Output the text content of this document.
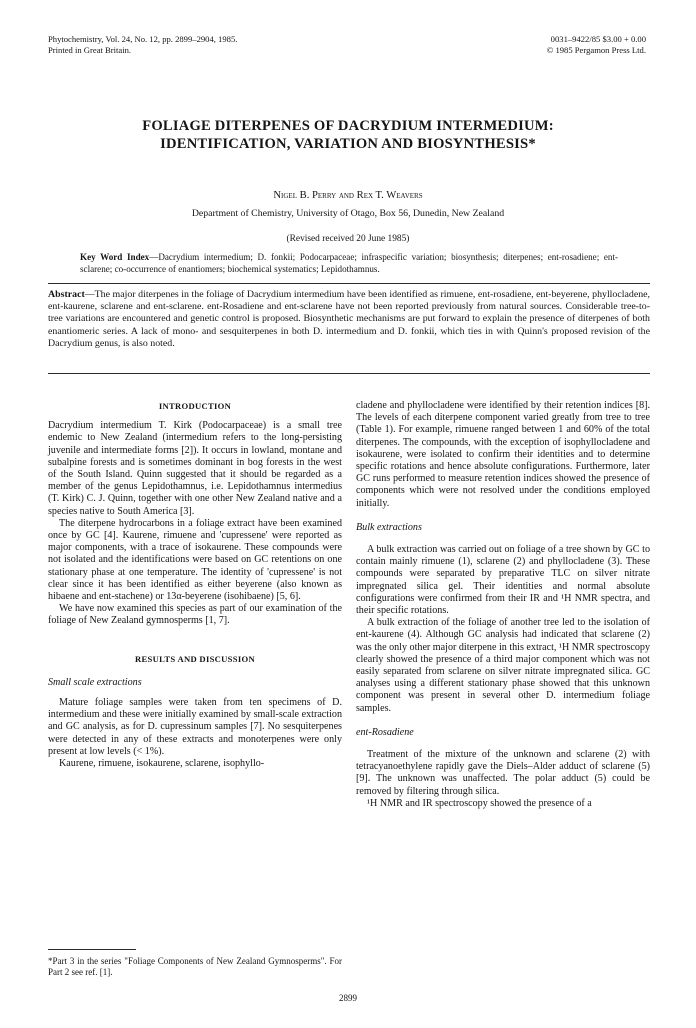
Phytochemistry, Vol. 24, No. 12, pp. 2899–2904, 1985.
Printed in Great Britain.
0031–9422/85 $3.00 + 0.00
© 1985 Pergamon Press Ltd.
FOLIAGE DITERPENES OF DACRYDIUM INTERMEDIUM:
IDENTIFICATION, VARIATION AND BIOSYNTHESIS*
Nigel B. Perry and Rex T. Weavers
Department of Chemistry, University of Otago, Box 56, Dunedin, New Zealand
(Revised received 20 June 1985)
Key Word Index—Dacrydium intermedium; D. fonkii; Podocarpaceae; infraspecific variation; biosynthesis; diterpenes; ent-rosadiene; ent-sclarene; co-occurrence of enantiomers; biochemical systematics; Lepidothamnus.
Abstract—The major diterpenes in the foliage of Dacrydium intermedium have been identified as rimuene, ent-rosadiene, ent-beyerene, phyllocladene, ent-kaurene, sclarene and ent-sclarene. ent-Rosadiene and ent-sclarene have not been reported previously from natural sources. Considerable tree-to-tree variations are encountered and genetic control is proposed. Biosynthetic mechanisms are put forward to explain the presence of diterpenes of both enantiomeric series. A lack of mono- and sesquiterpenes in both D. intermedium and D. fonkii, which ties in with Quinn's proposed revision of the Dacrydium genus, is also noted.
INTRODUCTION

Dacrydium intermedium T. Kirk (Podocarpaceae) is a small tree endemic to New Zealand (intermedium refers to the long-persisting juvenile and intermediate forms [2]). It occurs in lowland, montane and subalpine forests and is sometimes dominant in bog forests in the west of the South Island. Quinn suggested that it should be regarded as a member of the genus Lepidothamnus, i.e. Lepidothamnus intermedius (T. Kirk) C. J. Quinn, together with one other New Zealand native and a species native to South America [3].

The diterpene hydrocarbons in a foliage extract have been examined once by GC [4]. Kaurene, rimuene and 'cupressene' were reported as major components, with a trace of isokaurene. These compounds were not isolated and the identifications were based on GC retentions on one stationary phase at one temperature. The identity of 'cupressene' is not clear since it has been identified as either beyerene (also known as hibaene and ent-stachene) or 13α-beyerene (isohibaene) [5, 6].

We have now examined this species as part of our examination of the foliage of New Zealand gymnosperms [1, 7].

RESULTS AND DISCUSSION
Small scale extractions

Mature foliage samples were taken from ten specimens of D. intermedium and these were initially examined by small-scale extraction and GC analysis, as for D. cupressinum samples [7]. No sesquiterpenes were detected in any of these extracts and monoterpenes were only present at low levels (< 1%).

Kaurene, rimuene, isokaurene, sclarene, isophyllo-

cladene and phyllocladene were identified by their retention indices [8]. The levels of each diterpene component varied greatly from tree to tree (Table 1). For example, rimuene ranged between 1 and 60% of the total diterpenes. The compounds, with the exception of isophyllocladene and isokaurene, were isolated to confirm their identities and to determine specific rotations and hence absolute configurations. Furthermore, later GC runs performed to measure retention indices showed the presence of components which were not resolved under the conditions employed initially.

Bulk extractions

A bulk extraction was carried out on foliage of a tree shown by GC to contain mainly rimuene (1), sclarene (2) and phyllocladene (3). These compounds were separated by preparative TLC on silver nitrate impregnated silica gel. Their identities and normal absolute configurations were confirmed from their IR and ¹H NMR spectra, and their specific rotations.

A bulk extraction of the foliage of another tree led to the isolation of ent-kaurene (4). Although GC analysis had indicated that sclarene (2) was the only other major diterpene in this extract, ¹H NMR spectroscopy clearly showed the presence of a third major component which was not easily separated from sclarene on silver nitrate impregnated silica. GC analyses using a different stationary phase showed that this unknown component was present in several other D. intermedium foliage samples.

ent-Rosadiene

Treatment of the mixture of the unknown and sclarene (2) with tetracyanoethylene rapidly gave the Diels–Alder adduct of sclarene (5) [9]. The unknown was unaffected. The polar adduct (5) could be removed by filtering through silica.

¹H NMR and IR spectroscopy showed the presence of a

*Part 3 in the series "Foliage Components of New Zealand Gymnosperms". For Part 2 see ref. [1].
2899
